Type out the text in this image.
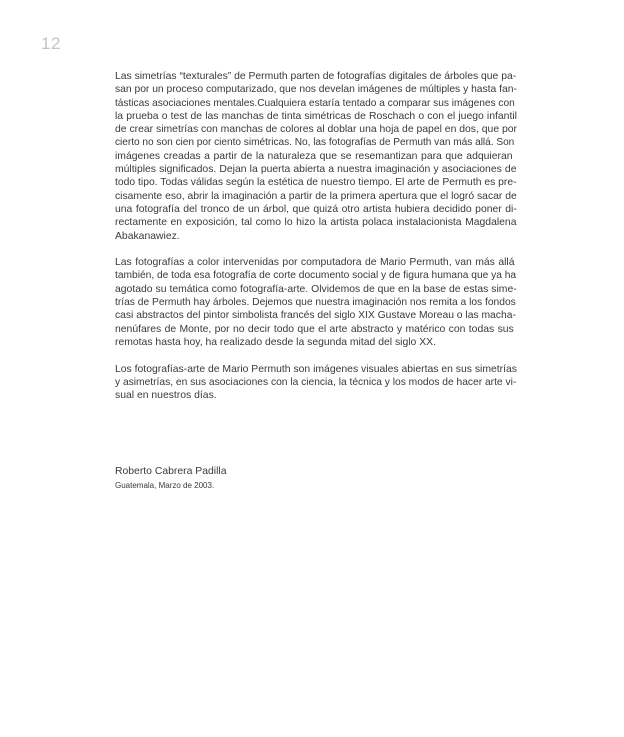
12
Las simetrías “texturales” de Permuth parten de fotografías digitales de árboles que pa-
san por un proceso computarizado, que nos develan imágenes de múltiples y hasta fan-
tásticas asociaciones mentales.Cualquiera estaría tentado a comparar sus imágenes con
la prueba o test de las manchas de tinta simétricas de Roschach o con el juego infantil
de crear simetrías con manchas de colores al doblar una hoja de papel en dos, que por
cierto no son cien por ciento simétricas. No, las fotografías de Permuth van más allá. Son
imágenes creadas a partir de la naturaleza que se resemantizan para que adquieran
múltiples significados. Dejan la puerta abierta a nuestra imaginación y asociaciones de
todo tipo. Todas válidas según la estética de nuestro tiempo. El arte de Permuth es pre-
cisamente eso, abrir la imaginación a partir de la primera apertura que el logró sacar de
una fotografía del tronco de un árbol, que quizá otro artista hubiera decidido poner di-
rectamente en exposición, tal como lo hizo la artista polaca instalacionista Magdalena
Abakanawiez.
Las fotografías a color intervenidas por computadora de Mario Permuth, van más allá
también, de toda esa fotografía de corte documento social y de figura humana que ya ha
agotado su temática como fotografía-arte. Olvidemos de que en la base de estas sime-
trías de Permuth hay árboles. Dejemos que nuestra imaginación nos remita a los fondos
casi abstractos del pintor simbolista francés del siglo XIX Gustave Moreau o las macha-
nenúfares de Monte, por no decir todo que el arte abstracto y matérico con todas sus
remotas hasta hoy, ha realizado desde la segunda mitad del siglo XX.
Los fotografías-arte de Mario Permuth son imágenes visuales abiertas en sus simetrías
y asimetrías, en sus asociaciones con la ciencia, la técnica y los modos de hacer arte vi-
sual en nuestros días.
Roberto Cabrera Padilla
Guatemala, Marzo de 2003.
